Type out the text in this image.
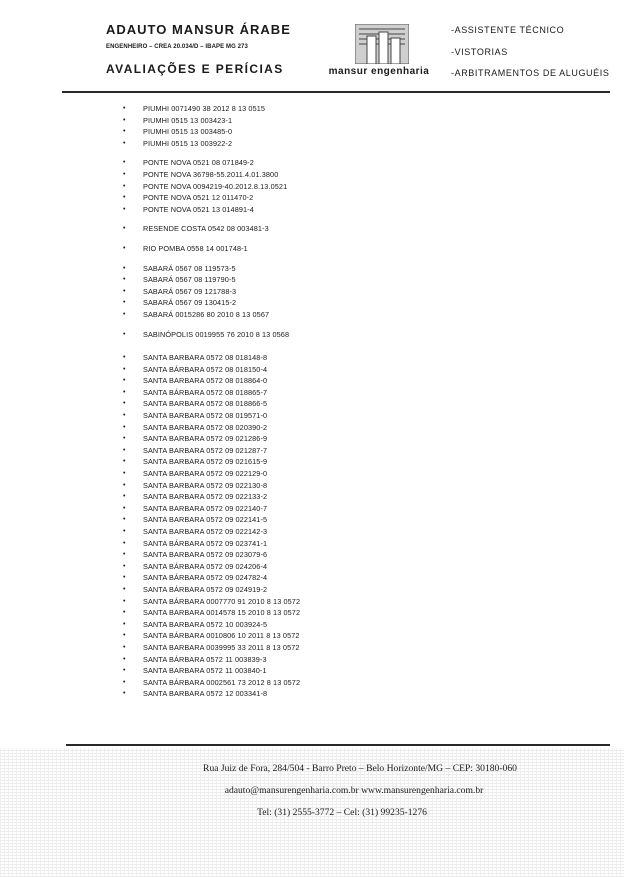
ADAUTO MANSUR ÁRABE
ENGENHEIRO – CREA 20.034/D – IBAPE MG 273
AVALIAÇÕES E PERÍCIAS	mansur engenharia
-ASSISTENTE TÉCNICO
-VISTORIAS
-ARBITRAMENTOS DE ALUGUÉIS
• PIUMHI 0071490 38 2012 8 13 0515
• PIUMHI 0515 13 003423-1
• PIUMHI 0515 13 003485-0
• PIUMHI 0515 13 003922-2
• PONTE NOVA 0521 08 071849-2
• PONTE NOVA 36798-55.2011.4.01.3800
• PONTE NOVA 0094219-40.2012.8.13.0521
• PONTE NOVA 0521 12 011470-2
• PONTE NOVA 0521 13 014891-4
• RESENDE COSTA 0542 08 003481-3
• RIO POMBA 0558 14 001748-1
• SABARÁ 0567 08 119573-5
• SABARÁ 0567 08 119790-5
• SABARÁ 0567 09 121788-3
• SABARÁ 0567 09 130415-2
• SABARÁ 0015286 80 2010 8 13 0567
• SABINÓPOLIS 0019955 76 2010 8 13 0568
• SANTA BARBARA 0572 08 018148-8
• SANTA BÁRBARA 0572 08 018150-4
• SANTA BARBARA 0572 08 018864-0
• SANTA BÁRBARA 0572 08 018865-7
• SANTA BARBARA 0572 08 018866-5
• SANTA BARBARA 0572 08 019571-0
• SANTA BARBARA 0572 08 020390-2
• SANTA BARBARA 0572 09 021286-9
• SANTA BARBARA 0572 09 021287-7
• SANTA BARBARA 0572 09 021615-9
• SANTA BARBARA 0572 09 022129-0
• SANTA BARBARA 0572 09 022130-8
• SANTA BARBARA 0572 09 022133-2
• SANTA BARBARA 0572 09 022140-7
• SANTA BARBARA 0572 09 022141-5
• SANTA BARBARA 0572 09 022142-3
• SANTA BÁRBARA 0572 09 023741-1
• SANTA BARBARA 0572 09 023079-6
• SANTA BÁRBARA 0572 09 024206-4
• SANTA BÁRBARA 0572 09 024782-4
• SANTA BÁRBARA 0572 09 024919-2
• SANTA BÁRBARA 0007770 91 2010 8 13 0572
• SANTA BARBARA 0014578 15 2010 8 13 0572
• SANTA BARBARA 0572 10 003924-5
• SANTA BÁRBARA 0010806 10 2011 8 13 0572
• SANTA BARBARA 0039995 33 2011 8 13 0572
• SANTA BÁRBARA 0572 11 003839-3
• SANTA BARBARA 0572 11 003840-1
• SANTA BÁRBARA 0002561 73 2012 8 13 0572
• SANTA BARBARA 0572 12 003341-8
Rua Juiz de Fora, 284/504 - Barro Preto – Belo Horizonte/MG – CEP: 30180-060
adauto@mansurengenharia.com.br www.mansurengenharia.com.br
Tel: (31) 2555-3772 – Cel: (31) 99235-1276
